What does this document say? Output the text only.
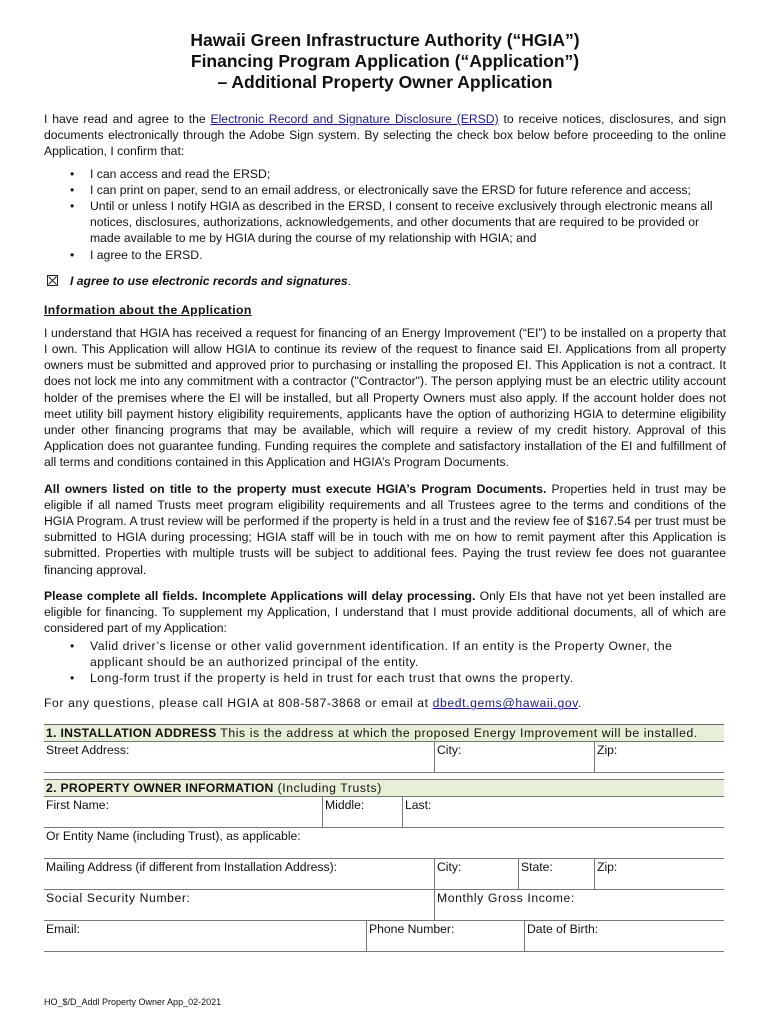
Hawaii Green Infrastructure Authority (“HGIA”)
Financing Program Application (“Application”)
– Additional Property Owner Application

I have read and agree to the Electronic Record and Signature Disclosure (ERSD) to receive notices, disclosures, and sign documents electronically through the Adobe Sign system. By selecting the check box below before proceeding to the online Application, I confirm that:

• I can access and read the ERSD;
• I can print on paper, send to an email address, or electronically save the ERSD for future reference and access;
• Until or unless I notify HGIA as described in the ERSD, I consent to receive exclusively through electronic means all notices, disclosures, authorizations, acknowledgements, and other documents that are required to be provided or made available to me by HGIA during the course of my relationship with HGIA; and
• I agree to the ERSD.
I agree to use electronic records and signatures .
Information about the Application

I understand that HGIA has received a request for financing of an Energy Improvement (“EI”) to be installed on a property that I own. This Application will allow HGIA to continue its review of the request to finance said EI. Applications from all property owners must be submitted and approved prior to purchasing or installing the proposed EI. This Application is not a contract. It does not lock me into any commitment with a contractor ("Contractor"). The person applying must be an electric utility account holder of the premises where the EI will be installed, but all Property Owners must also apply. If the account holder does not meet utility bill payment history eligibility requirements, applicants have the option of authorizing HGIA to determine eligibility under other financing programs that may be available, which will require a review of my credit history. Approval of this Application does not guarantee funding. Funding requires the complete and satisfactory installation of the EI and fulfillment of all terms and conditions contained in this Application and HGIA’s Program Documents.

All owners listed on title to the property must execute HGIA’s Program Documents. Properties held in trust may be eligible if all named Trusts meet program eligibility requirements and all Trustees agree to the terms and conditions of the HGIA Program. A trust review will be performed if the property is held in a trust and the review fee of $167.54 per trust must be submitted to HGIA during processing; HGIA staff will be in touch with me on how to remit payment after this Application is submitted. Properties with multiple trusts will be subject to additional fees. Paying the trust review fee does not guarantee financing approval.

Please complete all fields. Incomplete Applications will delay processing. Only EIs that have not yet been installed are eligible for financing. To supplement my Application, I understand that I must provide additional documents, all of which are considered part of my Application:

• Valid driver’s license or other valid government identification. If an entity is the Property Owner, the applicant should be an authorized principal of the entity.
• Long-form trust if the property is held in trust for each trust that owns the property.
For any questions, please call HGIA at 808-587-3868 or email at dbedt.gems@hawaii.gov.
1. INSTALLATION ADDRESS This is the address at which the proposed Energy Improvement will be installed.
Street Address:	City:	Zip:
2. PROPERTY OWNER INFORMATION (Including Trusts)
First Name:	Middle:	Last:
Or Entity Name (including Trust), as applicable:
Mailing Address (if different from Installation Address):	City:	State:	Zip:
Social Security Number:	Monthly Gross Income:
Email:	Phone Number:	Date of Birth:
HO_$/D_Addl Property Owner App_02-2021
